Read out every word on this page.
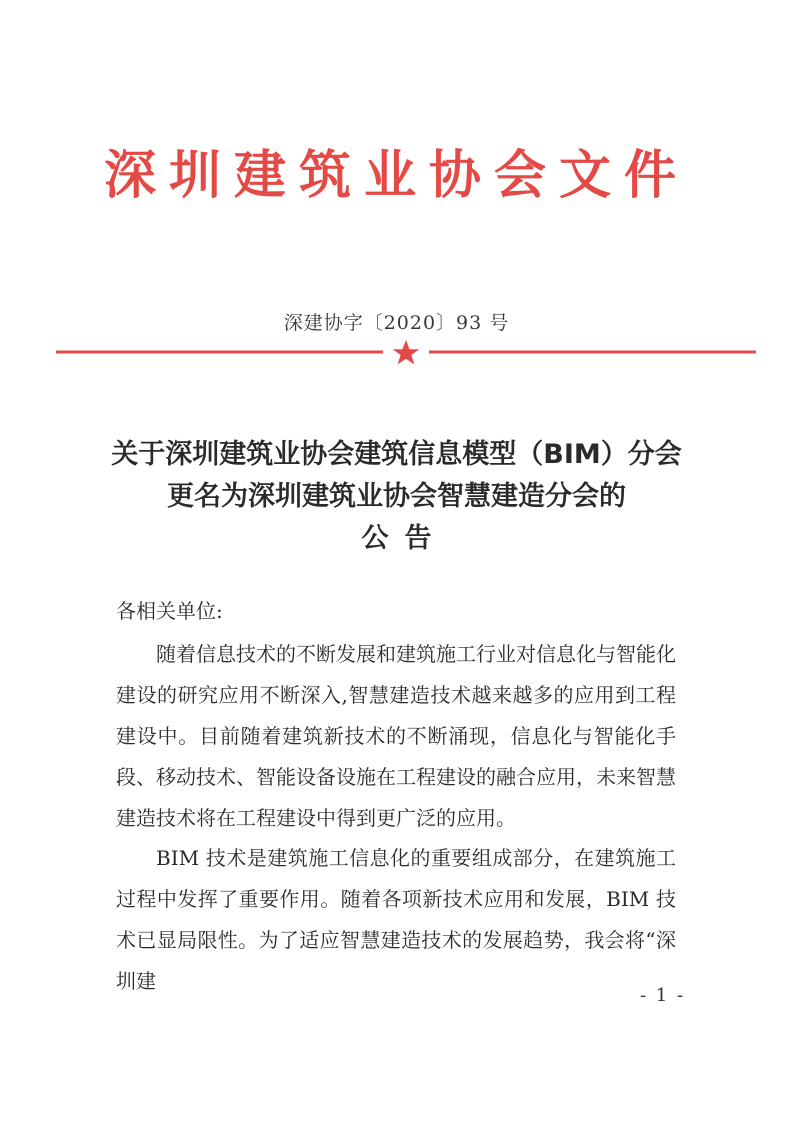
深圳建筑业协会文件
深建协字〔2020〕93 号
关于深圳建筑业协会建筑信息模型（BIM）分会
更名为深圳建筑业协会智慧建造分会的
公告
各相关单位:

随着信息技术的不断发展和建筑施工行业对信息化与智能化建设的研究应用不断深入,智慧建造技术越来越多的应用到工程建设中。目前随着建筑新技术的不断涌现，信息化与智能化手段、移动技术、智能设备设施在工程建设的融合应用，未来智慧建造技术将在工程建设中得到更广泛的应用。

BIM 技术是建筑施工信息化的重要组成部分，在建筑施工过程中发挥了重要作用。随着各项新技术应用和发展，BIM 技术已显局限性。为了适应智慧建造技术的发展趋势，我会将“深圳建

- 1 -
